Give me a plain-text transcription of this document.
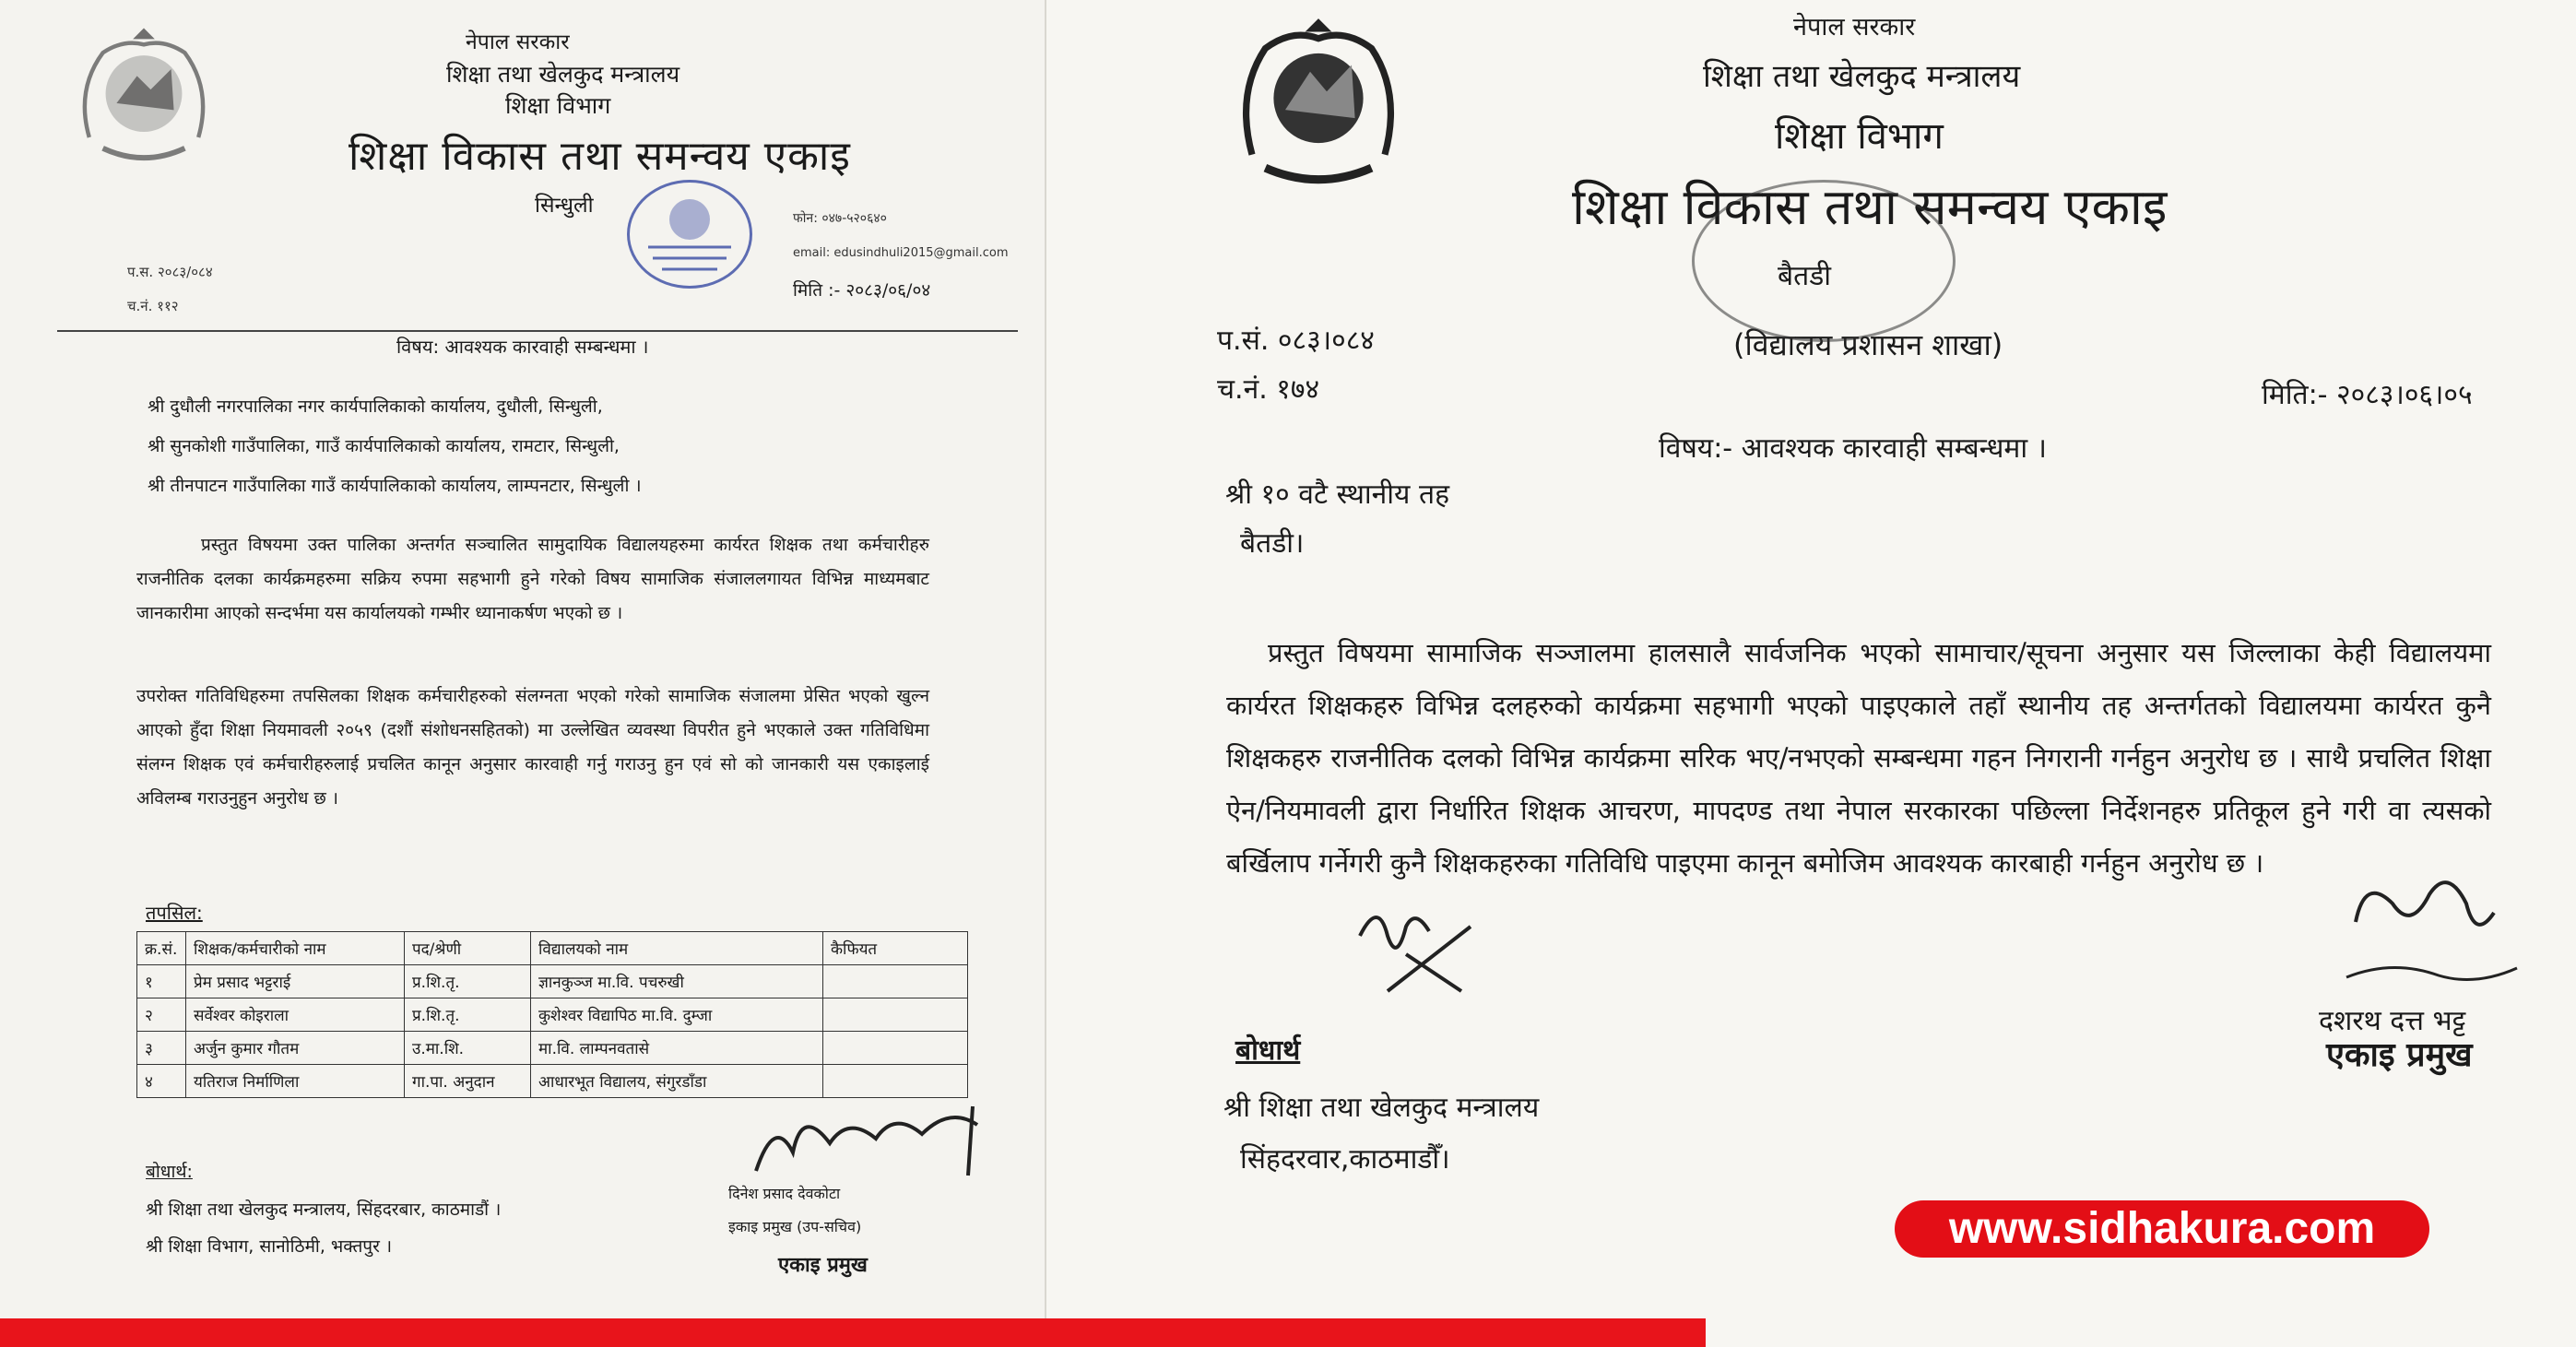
नेपाल सरकार
शिक्षा तथा खेलकुद मन्त्रालय
शिक्षा विभाग
शिक्षा विकास तथा समन्वय एकाइ
सिन्धुली
फोन: ०४७-५२०६४०
email: edusindhuli2015@gmail.com
मिति :- २०८३/०६/०४
प.स. २०८३/०८४
च.नं. ११२
विषय: आवश्यक कारवाही सम्बन्धमा ।
श्री दुधौली नगरपालिका नगर कार्यपालिकाको कार्यालय, दुधौली, सिन्धुली,
श्री सुनकोशी गाउँपालिका, गाउँ कार्यपालिकाको कार्यालय, रामटार, सिन्धुली,
श्री तीनपाटन गाउँपालिका गाउँ कार्यपालिकाको कार्यालय, लाम्पनटार, सिन्धुली ।
प्रस्तुत विषयमा उक्त पालिका अन्तर्गत सञ्चालित सामुदायिक विद्यालयहरुमा कार्यरत शिक्षक तथा कर्मचारीहरु राजनीतिक दलका कार्यक्रमहरुमा सक्रिय रुपमा सहभागी हुने गरेको विषय सामाजिक संजाललगायत विभिन्न माध्यमबाट जानकारीमा आएको सन्दर्भमा यस कार्यालयको गम्भीर ध्यानाकर्षण भएको छ ।
उपरोक्त गतिविधिहरुमा तपसिलका शिक्षक कर्मचारीहरुको संलग्नता भएको गरेको सामाजिक संजालमा प्रेसित भएको खुल्न आएको हुँदा शिक्षा नियमावली २०५९ (दशौं संशोधनसहितको) मा उल्लेखित व्यवस्था विपरीत हुने भएकाले उक्त गतिविधिमा संलग्न शिक्षक एवं कर्मचारीहरुलाई प्रचलित कानून अनुसार कारवाही गर्नु गराउनु हुन एवं सो को जानकारी यस एकाइलाई अविलम्ब गराउनुहुन अनुरोध छ ।
तपसिल:
क्र.सं.	शिक्षक/कर्मचारीको नाम	पद/श्रेणी	विद्यालयको नाम	कैफियत
१	प्रेम प्रसाद भट्टराई	प्र.शि.तृ.	ज्ञानकुञ्ज मा.वि. पचरुखी	
२	सर्वेश्वर कोइराला	प्र.शि.तृ.	कुशेश्वर विद्यापिठ मा.वि. दुम्जा	
३	अर्जुन कुमार गौतम	उ.मा.शि.	मा.वि. लाम्पनवतासे	
४	यतिराज निर्माणिला	गा.पा. अनुदान	आधारभूत विद्यालय, संगुरडाँडा	
बोधार्थ:
श्री शिक्षा तथा खेलकुद मन्त्रालय, सिंहदरबार, काठमाडौं ।
श्री शिक्षा विभाग, सानोठिमी, भक्तपुर ।
दिनेश प्रसाद देवकोटा
इकाइ प्रमुख (उप-सचिव)
एकाइ प्रमुख
नेपाल सरकार
शिक्षा तथा खेलकुद मन्त्रालय
शिक्षा विभाग
शिक्षा विकास तथा समन्वय एकाइ
बैतडी
(विद्यालय प्रशासन शाखा)
प.सं. ०८३।०८४
च.नं. १७४	मिति:- २०८३।०६।०५
विषय:- आवश्यक कारवाही सम्बन्धमा ।
श्री १० वटै स्थानीय तह
बैतडी।
प्रस्तुत विषयमा सामाजिक सञ्जालमा हालसालै सार्वजनिक भएको सामाचार/सूचना अनुसार यस जिल्लाका केही विद्यालयमा कार्यरत शिक्षकहरु विभिन्न दलहरुको कार्यक्रमा सहभागी भएको पाइएकाले तहाँ स्थानीय तह अन्तर्गतको विद्यालयमा कार्यरत कुनै शिक्षकहरु राजनीतिक दलको विभिन्न कार्यक्रमा सरिक भए/नभएको सम्बन्धमा गहन निगरानी गर्नहुन अनुरोध छ । साथै प्रचलित शिक्षा ऐन/नियमावली द्वारा निर्धारित शिक्षक आचरण, मापदण्ड तथा नेपाल सरकारका पछिल्ला निर्देशनहरु प्रतिकूल हुने गरी वा त्यसको बर्खिलाप गर्नेगरी कुनै शिक्षकहरुका गतिविधि पाइएमा कानून बमोजिम आवश्यक कारबाही गर्नहुन अनुरोध छ ।
दशरथ दत्त भट्ट
एकाइ प्रमुख
बोधार्थ
श्री शिक्षा तथा खेलकुद मन्त्रालय
सिंहदरवार,काठमाडौँ।
www.sidhakura.com
